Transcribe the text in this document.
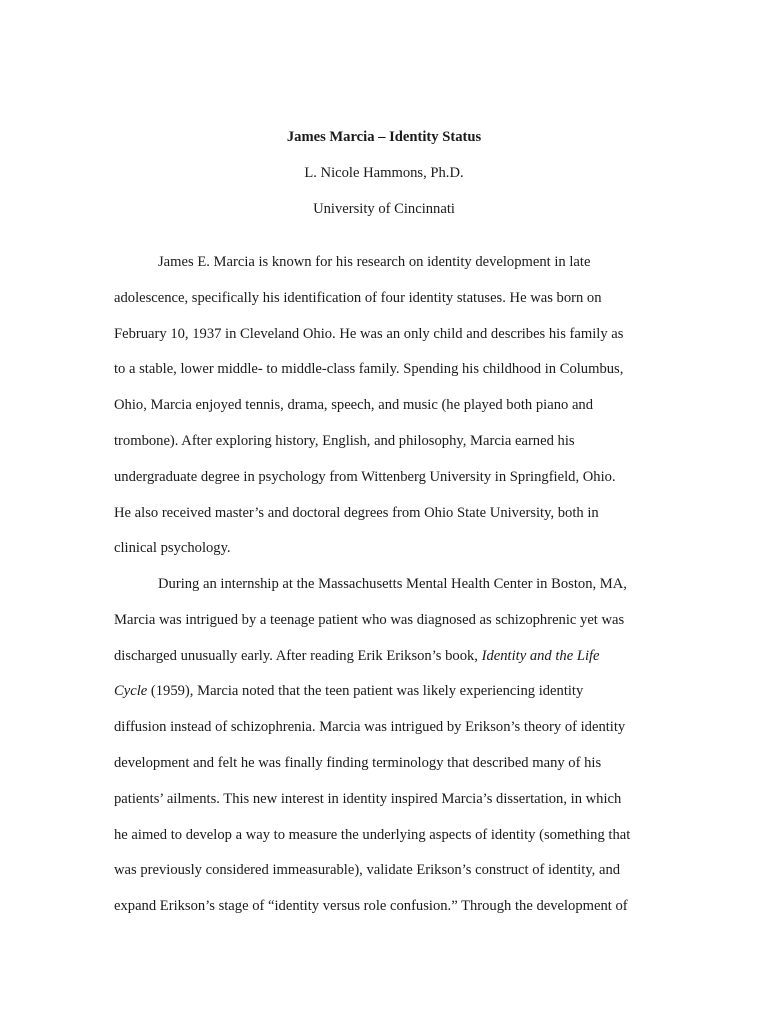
James Marcia – Identity Status
L. Nicole Hammons, Ph.D.
University of Cincinnati
James E. Marcia is known for his research on identity development in late
adolescence, specifically his identification of four identity statuses. He was born on
February 10, 1937 in Cleveland Ohio. He was an only child and describes his family as
to a stable, lower middle- to middle-class family. Spending his childhood in Columbus,
Ohio, Marcia enjoyed tennis, drama, speech, and music (he played both piano and
trombone). After exploring history, English, and philosophy, Marcia earned his
undergraduate degree in psychology from Wittenberg University in Springfield, Ohio.
He also received master’s and doctoral degrees from Ohio State University, both in
clinical psychology.
During an internship at the Massachusetts Mental Health Center in Boston, MA,
Marcia was intrigued by a teenage patient who was diagnosed as schizophrenic yet was
discharged unusually early. After reading Erik Erikson’s book, Identity and the Life
Cycle (1959), Marcia noted that the teen patient was likely experiencing identity
diffusion instead of schizophrenia. Marcia was intrigued by Erikson’s theory of identity
development and felt he was finally finding terminology that described many of his
patients’ ailments. This new interest in identity inspired Marcia’s dissertation, in which
he aimed to develop a way to measure the underlying aspects of identity (something that
was previously considered immeasurable), validate Erikson’s construct of identity, and
expand Erikson’s stage of “identity versus role confusion.” Through the development of
